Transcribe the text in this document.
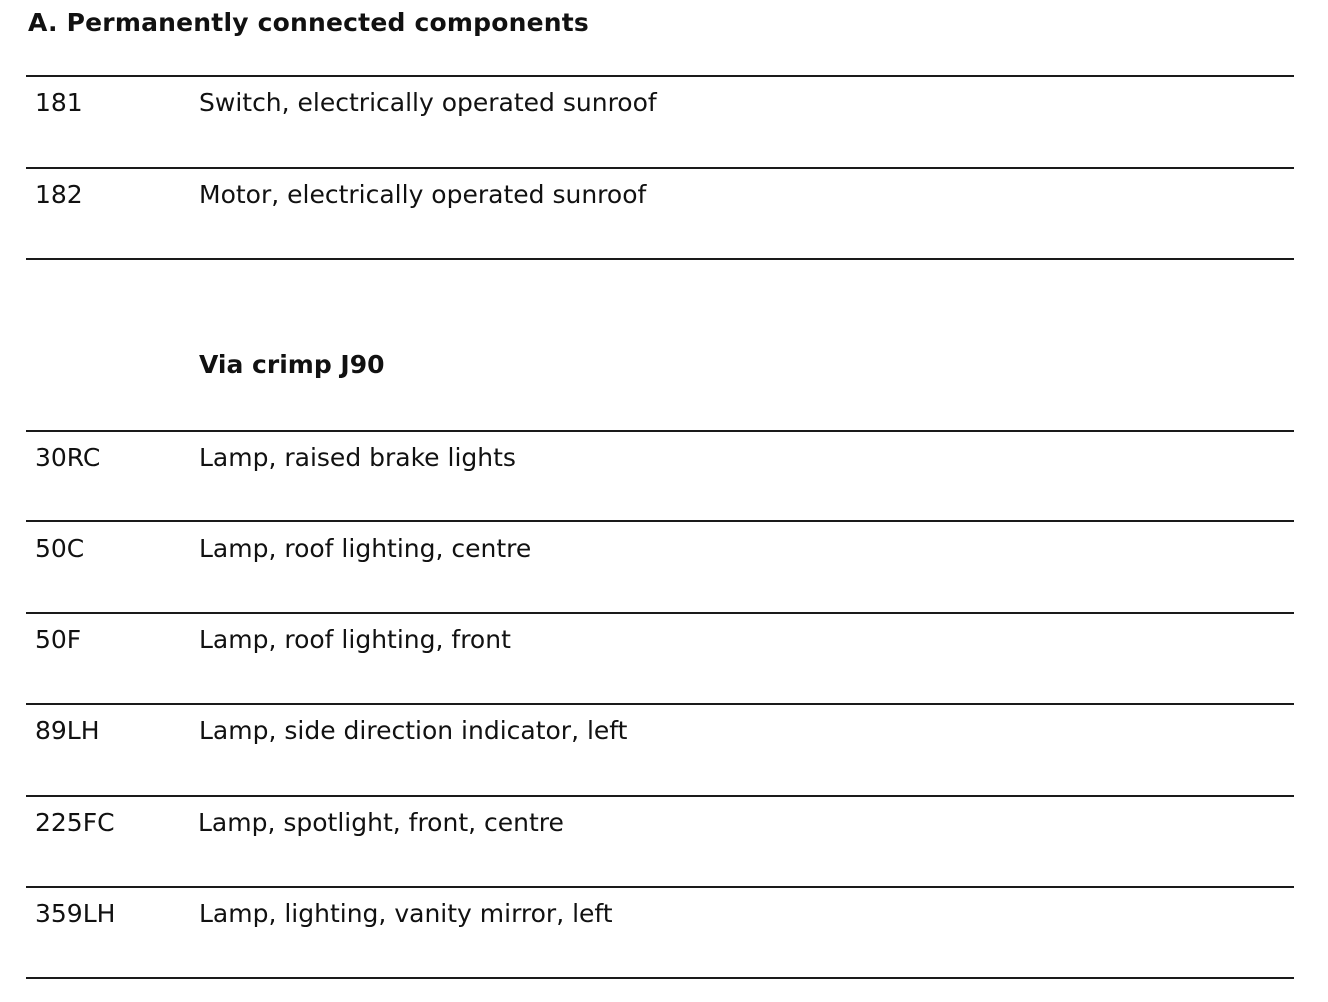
A. Permanently connected components
181	Switch, electrically operated sunroof
182	Motor, electrically operated sunroof
Via crimp J90
30RC	Lamp, raised brake lights
50C	Lamp, roof lighting, centre
50F	Lamp, roof lighting, front
89LH	Lamp, side direction indicator, left
225FC	Lamp, spotlight, front, centre
359LH	Lamp, lighting, vanity mirror, left
